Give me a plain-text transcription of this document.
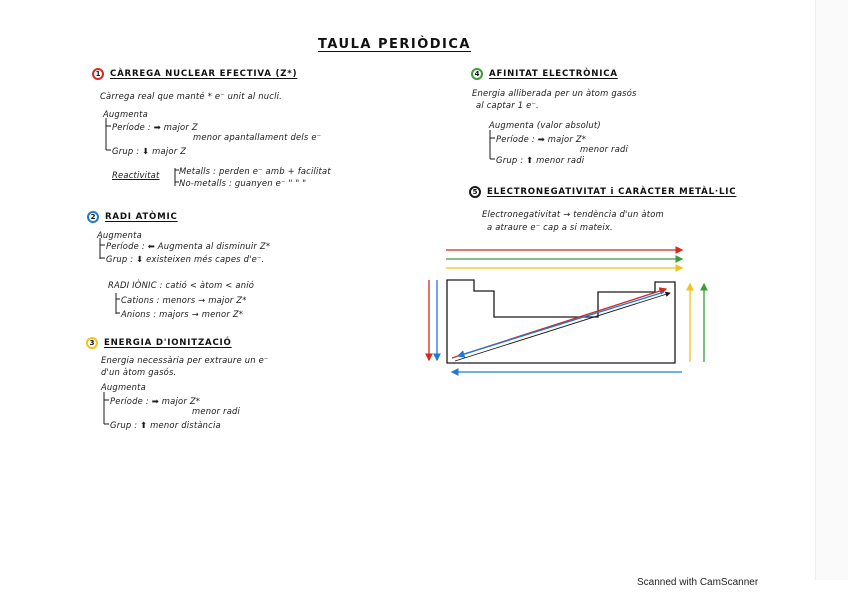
TAULA PERIÒDICA
1	CÀRREGA NUCLEAR EFECTIVA (Z*)
Càrrega real que manté * e⁻ unit al nucli.
Augmenta
Període : ➡ major Z
menor apantallament dels e⁻
Grup : ⬇ major Z
Reactivitat Metalls : perden e⁻ amb + facilitat
No-metalls : guanyen e⁻ " " "
2	RADI ATÒMIC
Augmenta
Període : ⬅ Augmenta al disminuir Z*
Grup : ⬇ existeixen més capes d'e⁻.
RADI IÒNIC : catió < àtom < anió
Cations : menors → major Z*
Anions : majors → menor Z*
3	ENERGIA D'IONITZACIÓ
Energia necessària per extraure un e⁻
d'un àtom gasós.
Augmenta
Període : ➡ major Z*
menor radi
Grup : ⬆ menor distància
4	AFINITAT ELECTRÒNICA
Energia alliberada per un àtom gasós
al captar 1 e⁻.
Augmenta (valor absolut)
Període : ➡ major Z*
menor radi
Grup : ⬆ menor radi
5	ELECTRONEGATIVITAT i CARÀCTER METÀL·LIC
Electronegativitat → tendència d'un àtom
a atraure e⁻ cap a si mateix.
Scanned with CamScanner
